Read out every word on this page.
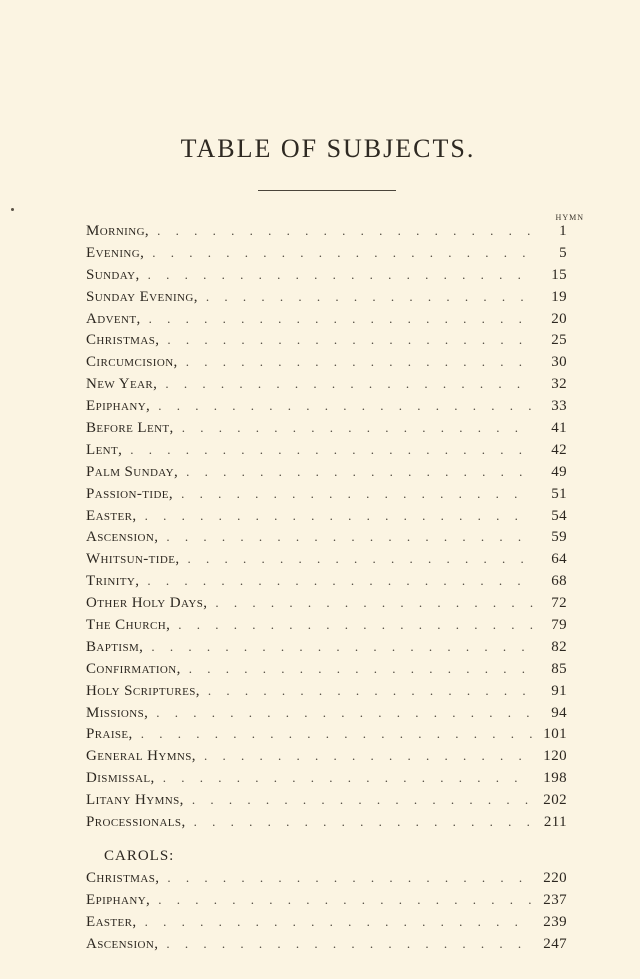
TABLE OF SUBJECTS.
HYMN
Morning, . . .	1
Evening, . . .	5
Sunday, . . .	15
Sunday Evening, . . .	19
Advent, . . .	20
Christmas, . . .	25
Circumcision, . . .	30
New Year, . . .	32
Epiphany, . . .	33
Before Lent, . . .	41
Lent, . . .	42
Palm Sunday, . . .	49
Passion-tide, . . .	51
Easter, . . .	54
Ascension, . . .	59
Whitsun-tide, . . .	64
Trinity, . . .	68
Other Holy Days, . . .	72
The Church, . . .	79
Baptism, . . .	82
Confirmation, . . .	85
Holy Scriptures, . . .	91
Missions, . . .	94
Praise, . . .	101
General Hymns, . . .	120
Dismissal, . . .	198
Litany Hymns, . . .	202
Processionals, . . .	211
CAROLS:
Christmas, . . .	220
Epiphany, . . .	237
Easter, . . .	239
Ascension, . . .	247
